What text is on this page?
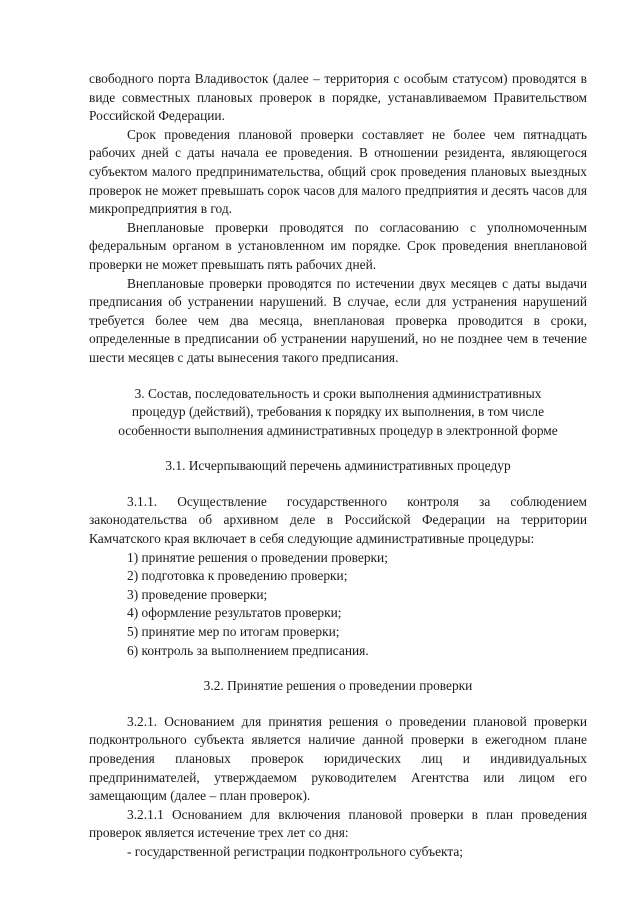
свободного порта Владивосток (далее – территория с особым статусом) проводятся в виде совместных плановых проверок в порядке, устанавливаемом Правительством Российской Федерации.

Срок проведения плановой проверки составляет не более чем пятнадцать рабочих дней с даты начала ее проведения. В отношении резидента, являющегося субъектом малого предпринимательства, общий срок проведения плановых выездных проверок не может превышать сорок часов для малого предприятия и десять часов для микропредприятия в год.

Внеплановые проверки проводятся по согласованию с уполномоченным федеральным органом в установленном им порядке. Срок проведения внеплановой проверки не может превышать пять рабочих дней.

Внеплановые проверки проводятся по истечении двух месяцев с даты выдачи предписания об устранении нарушений. В случае, если для устранения нарушений требуется более чем два месяца, внеплановая проверка проводится в сроки, определенные в предписании об устранении нарушений, но не позднее чем в течение шести месяцев с даты вынесения такого предписания.

3. Состав, последовательность и сроки выполнения административных

процедур (действий), требования к порядку их выполнения, в том числе

особенности выполнения административных процедур в электронной форме

3.1. Исчерпывающий перечень административных процедур

3.1.1. Осуществление государственного контроля за соблюдением законодательства об архивном деле в Российской Федерации на территории Камчатского края включает в себя следующие административные процедуры:

1) принятие решения о проведении проверки;
2) подготовка к проведению проверки;
3) проведение проверки;
4) оформление результатов проверки;
5) принятие мер по итогам проверки;
6) контроль за выполнением предписания.

3.2. Принятие решения о проведении проверки

3.2.1. Основанием для принятия решения о проведении плановой проверки подконтрольного субъекта является наличие данной проверки в ежегодном плане проведения плановых проверок юридических лиц и индивидуальных предпринимателей, утверждаемом руководителем Агентства или лицом его замещающим (далее – план проверок).

3.2.1.1 Основанием для включения плановой проверки в план проведения проверок является истечение трех лет со дня:

- государственной регистрации подконтрольного субъекта;
